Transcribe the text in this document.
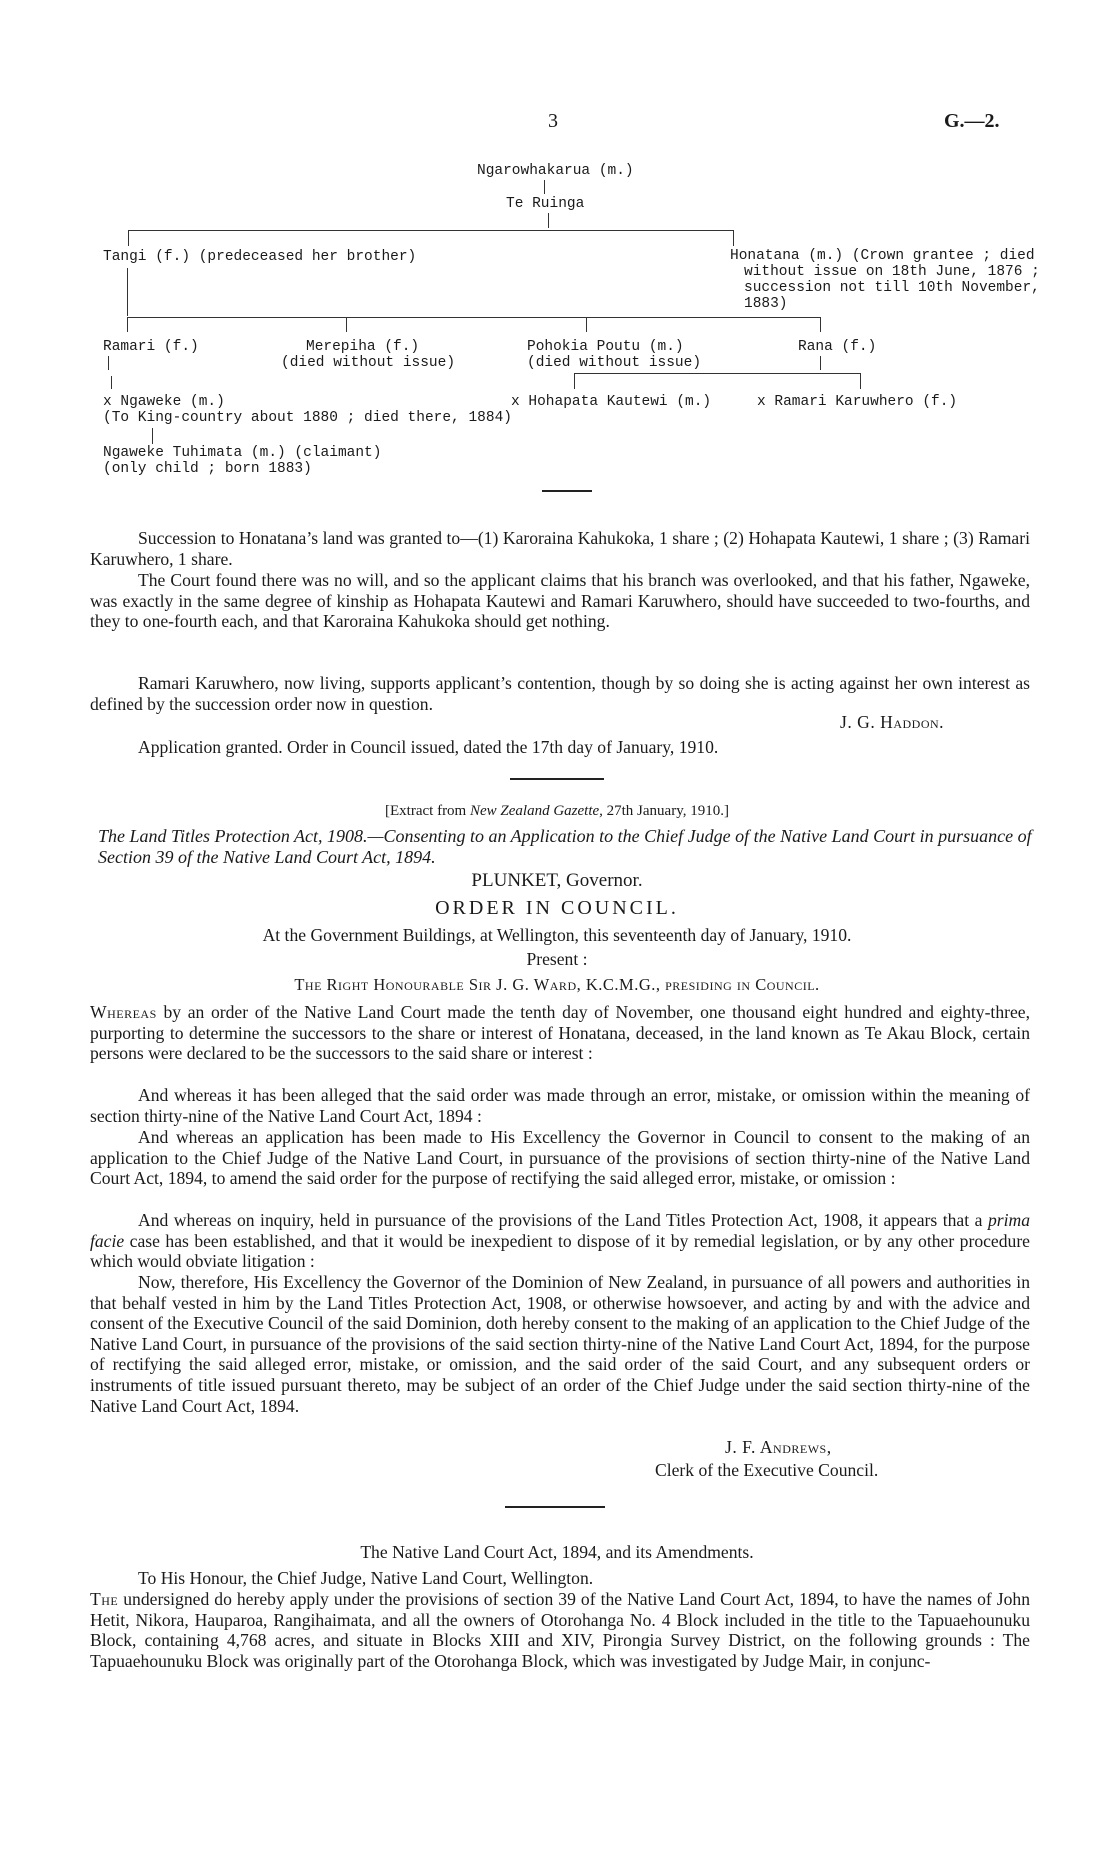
3	G.—2.
Ngarowhakarua (m.)
Te Ruinga
Tangi (f.) (predeceased her brother)	Honatana (m.) (Crown grantee ; died
without issue on 18th June, 1876 ;
succession not till 10th November,
1883)
Ramari (f.)	Merepiha (f.)
(died without issue)
Pohokia Poutu (m.)
(died without issue)
Rana (f.)
x Ngaweke (m.)
(To King-country about 1880 ; died there, 1884)
x Hohapata Kautewi (m.)	x Ramari Karuwhero (f.)
Ngaweke Tuhimata (m.) (claimant)
(only child ; born 1883)

Succession to Honatana’s land was granted to—(1) Karoraina Kahukoka, 1 share ; (2) Hohapata Kautewi, 1 share ; (3) Ramari Karuwhero, 1 share.

The Court found there was no will, and so the applicant claims that his branch was overlooked, and that his father, Ngaweke, was exactly in the same degree of kinship as Hohapata Kautewi and Ramari Karuwhero, should have succeeded to two-fourths, and they to one-fourth each, and that Karoraina Kahukoka should get nothing.

Ramari Karuwhero, now living, supports applicant’s contention, though by so doing she is acting against her own interest as defined by the succession order now in question.

J. G. Haddon.

Application granted. Order in Council issued, dated the 17th day of January, 1910.

[Extract from New Zealand Gazette, 27th January, 1910.]

The Land Titles Protection Act, 1908.—Consenting to an Application to the Chief Judge of the Native Land Court in pursuance of Section 39 of the Native Land Court Act, 1894.

PLUNKET, Governor.
ORDER IN COUNCIL.
At the Government Buildings, at Wellington, this seventeenth day of January, 1910.
Present :
The Right Honourable Sir J. G. Ward, K.C.M.G., presiding in Council.

Whereas by an order of the Native Land Court made the tenth day of November, one thousand eight hundred and eighty-three, purporting to determine the successors to the share or interest of Honatana, deceased, in the land known as Te Akau Block, certain persons were declared to be the successors to the said share or interest :

And whereas it has been alleged that the said order was made through an error, mistake, or omission within the meaning of section thirty-nine of the Native Land Court Act, 1894 :

And whereas an application has been made to His Excellency the Governor in Council to consent to the making of an application to the Chief Judge of the Native Land Court, in pursuance of the provisions of section thirty-nine of the Native Land Court Act, 1894, to amend the said order for the purpose of rectifying the said alleged error, mistake, or omission :

And whereas on inquiry, held in pursuance of the provisions of the Land Titles Protection Act, 1908, it appears that a prima facie case has been established, and that it would be inexpedient to dispose of it by remedial legislation, or by any other procedure which would obviate litigation :

Now, therefore, His Excellency the Governor of the Dominion of New Zealand, in pursuance of all powers and authorities in that behalf vested in him by the Land Titles Protection Act, 1908, or otherwise howsoever, and acting by and with the advice and consent of the Executive Council of the said Dominion, doth hereby consent to the making of an application to the Chief Judge of the Native Land Court, in pursuance of the provisions of the said section thirty-nine of the Native Land Court Act, 1894, for the purpose of rectifying the said alleged error, mistake, or omission, and the said order of the said Court, and any subsequent orders or instruments of title issued pursuant thereto, may be subject of an order of the Chief Judge under the said section thirty-nine of the Native Land Court Act, 1894.

J. F. Andrews,
Clerk of the Executive Council.
The Native Land Court Act, 1894, and its Amendments.

To His Honour, the Chief Judge, Native Land Court, Wellington.

The undersigned do hereby apply under the provisions of section 39 of the Native Land Court Act, 1894, to have the names of John Hetit, Nikora, Hauparoa, Rangihaimata, and all the owners of Otorohanga No. 4 Block included in the title to the Tapuaehounuku Block, containing 4,768 acres, and situate in Blocks XIII and XIV, Pirongia Survey District, on the following grounds : The Tapuaehounuku Block was originally part of the Otorohanga Block, which was investigated by Judge Mair, in conjunc-
